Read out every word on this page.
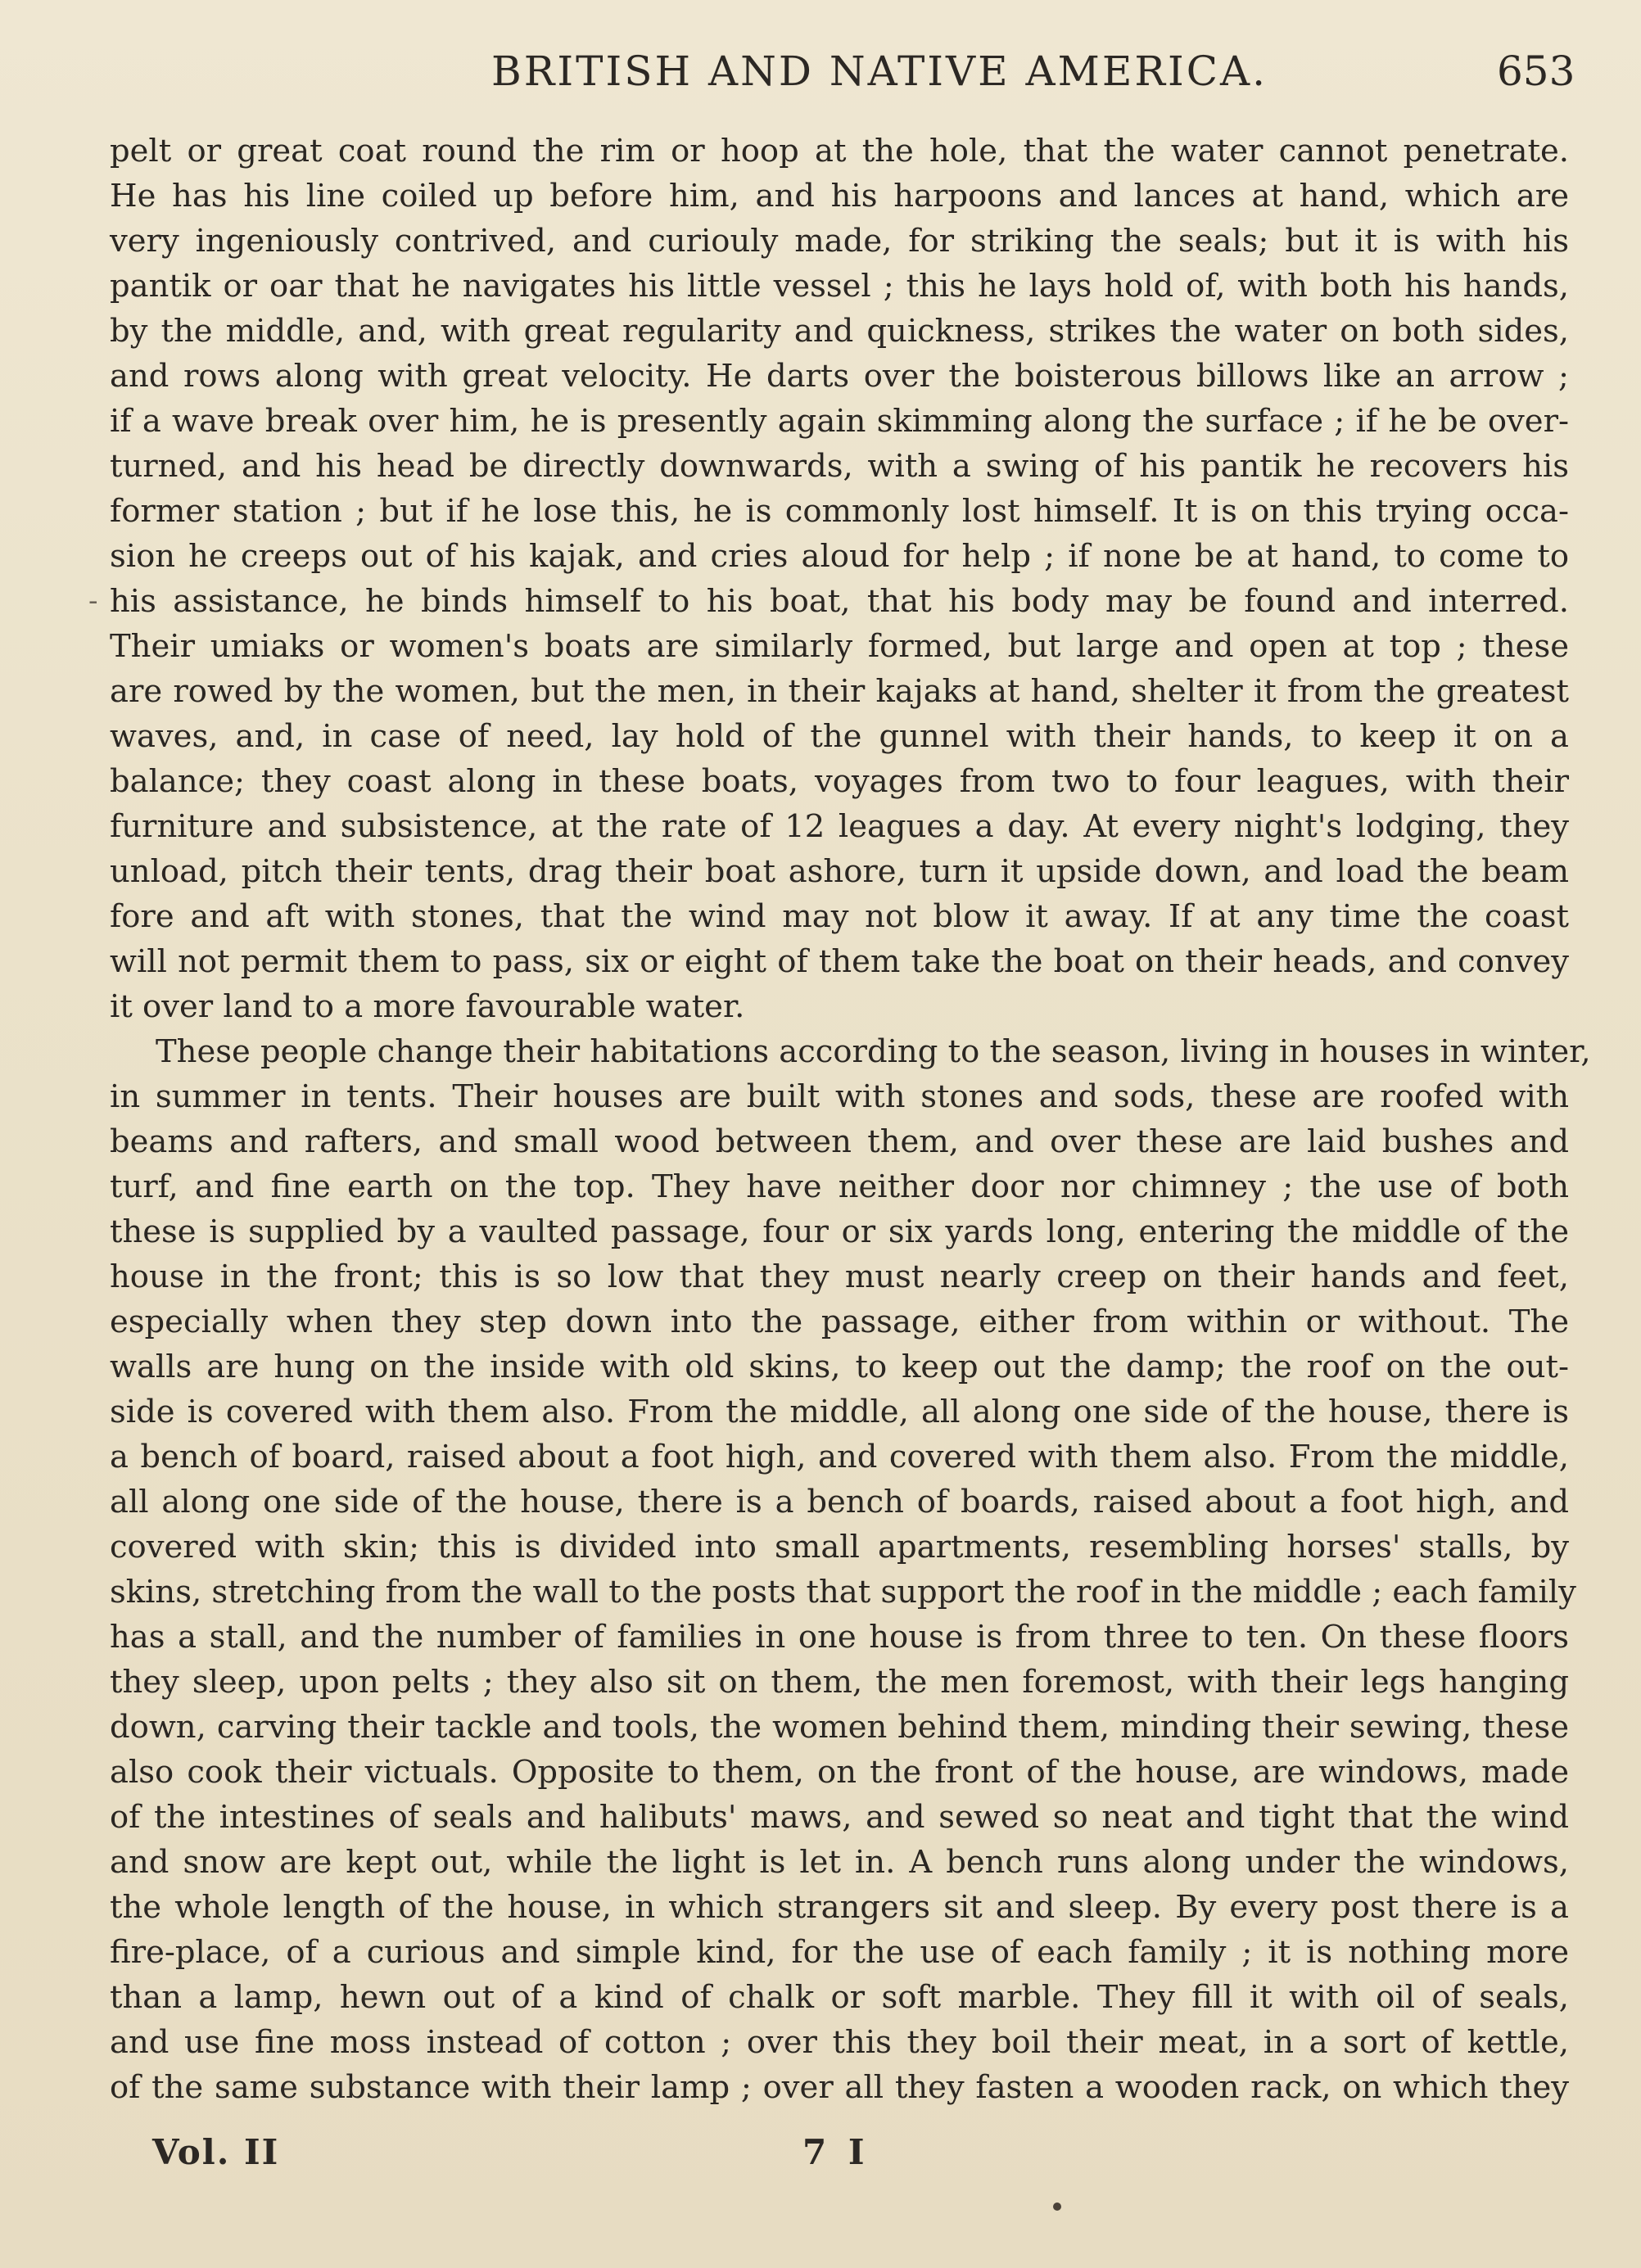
BRITISH AND NATIVE AMERICA.	653
pelt or great coat round the rim or hoop at the hole, that the water cannot penetrate.
He has his line coiled up before him, and his harpoons and lances at hand, which are
very ingeniously contrived, and curiouly made, for striking the seals; but it is with his
pantik or oar that he navigates his little vessel ; this he lays hold of, with both his hands,
by the middle, and, with great regularity and quickness, strikes the water on both sides,
and rows along with great velocity. He darts over the boisterous billows like an arrow ;
if a wave break over him, he is presently again skimming along the surface ; if he be over-
turned, and his head be directly downwards, with a swing of his pantik he recovers his
former station ; but if he lose this, he is commonly lost himself. It is on this trying occa-
sion he creeps out of his kajak, and cries aloud for help ; if none be at hand, to come to
- his assistance, he binds himself to his boat, that his body may be found and interred.
Their umiaks or women's boats are similarly formed, but large and open at top ; these
are rowed by the women, but the men, in their kajaks at hand, shelter it from the greatest
waves, and, in case of need, lay hold of the gunnel with their hands, to keep it on a
balance; they coast along in these boats, voyages from two to four leagues, with their
furniture and subsistence, at the rate of 12 leagues a day. At every night's lodging, they
unload, pitch their tents, drag their boat ashore, turn it upside down, and load the beam
fore and aft with stones, that the wind may not blow it away. If at any time the coast
will not permit them to pass, six or eight of them take the boat on their heads, and convey
it over land to a more favourable water.
These people change their habitations according to the season, living in houses in winter,
in summer in tents. Their houses are built with stones and sods, these are roofed with
beams and rafters, and small wood between them, and over these are laid bushes and
turf, and fine earth on the top. They have neither door nor chimney ; the use of both
these is supplied by a vaulted passage, four or six yards long, entering the middle of the
house in the front; this is so low that they must nearly creep on their hands and feet,
especially when they step down into the passage, either from within or without. The
walls are hung on the inside with old skins, to keep out the damp; the roof on the out-
side is covered with them also. From the middle, all along one side of the house, there is
a bench of board, raised about a foot high, and covered with them also. From the middle,
all along one side of the house, there is a bench of boards, raised about a foot high, and
covered with skin; this is divided into small apartments, resembling horses' stalls, by
skins, stretching from the wall to the posts that support the roof in the middle ; each family
has a stall, and the number of families in one house is from three to ten. On these floors
they sleep, upon pelts ; they also sit on them, the men foremost, with their legs hanging
down, carving their tackle and tools, the women behind them, minding their sewing, these
also cook their victuals. Opposite to them, on the front of the house, are windows, made
of the intestines of seals and halibuts' maws, and sewed so neat and tight that the wind
and snow are kept out, while the light is let in. A bench runs along under the windows,
the whole length of the house, in which strangers sit and sleep. By every post there is a
fire-place, of a curious and simple kind, for the use of each family ; it is nothing more
than a lamp, hewn out of a kind of chalk or soft marble. They fill it with oil of seals,
and use fine moss instead of cotton ; over this they boil their meat, in a sort of kettle,
of the same substance with their lamp ; over all they fasten a wooden rack, on which they
Vol. II	7 I
